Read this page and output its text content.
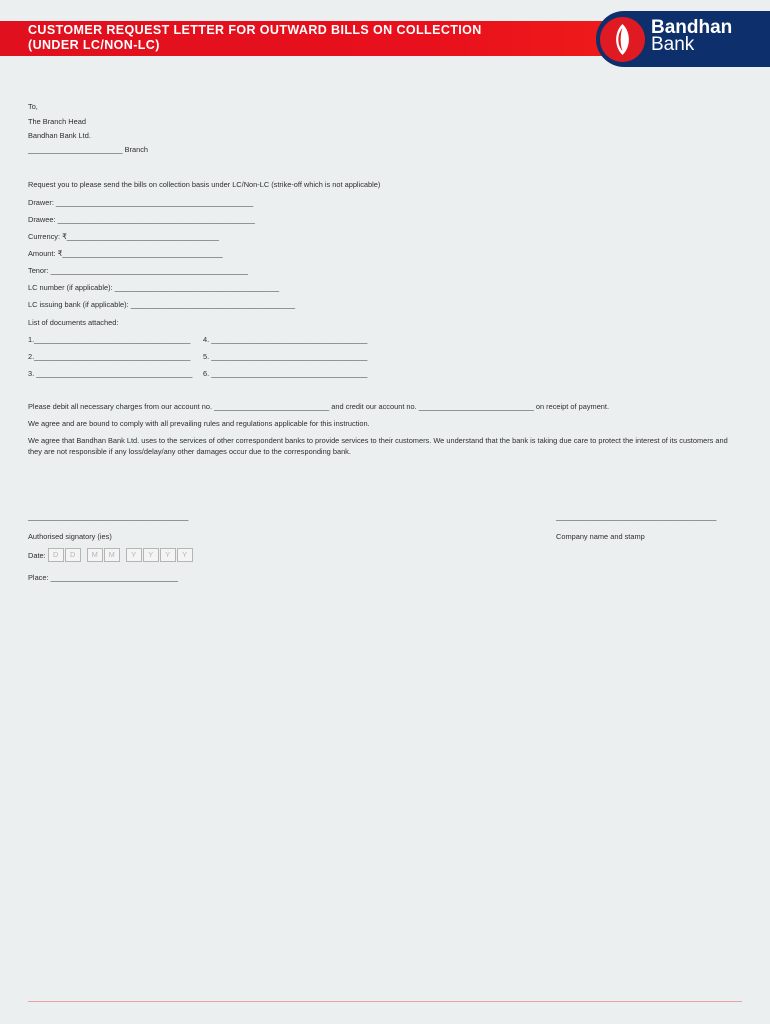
CUSTOMER REQUEST LETTER FOR OUTWARD BILLS ON COLLECTION
(UNDER LC/NON-LC)
Bandhan
Bank
To,
The Branch Head
Bandhan Bank Ltd.
_______________________ Branch
Request you to please send the bills on collection basis under LC/Non-LC (strike-off which is not applicable)
Drawer: ________________________________________________
Drawee: ________________________________________________
Currency: ₹_____________________________________
Amount: ₹_______________________________________
Tenor: ________________________________________________
LC number (if applicable): ________________________________________
LC issuing bank (if applicable): ________________________________________
List of documents attached:
1.______________________________________
2.______________________________________
3. ______________________________________
4. ______________________________________
5. ______________________________________
6. ______________________________________
Please debit all necessary charges from our account no. ____________________________ and credit our account no. ____________________________ on receipt of payment.
We agree and are bound to comply with all prevailing rules and regulations applicable for this instruction.
We agree that Bandhan Bank Ltd. uses to the services of other correspondent banks to provide services to their customers. We understand that the bank is taking due care to protect the interest of its customers and they are not responsible if any loss/delay/any other damages occur due to the corresponding bank.
_______________________________________	_______________________________________
Authorised signatory (ies)	Company name and stamp
Date: D	D	M	M	Y	Y	Y	Y
Place: _______________________________
